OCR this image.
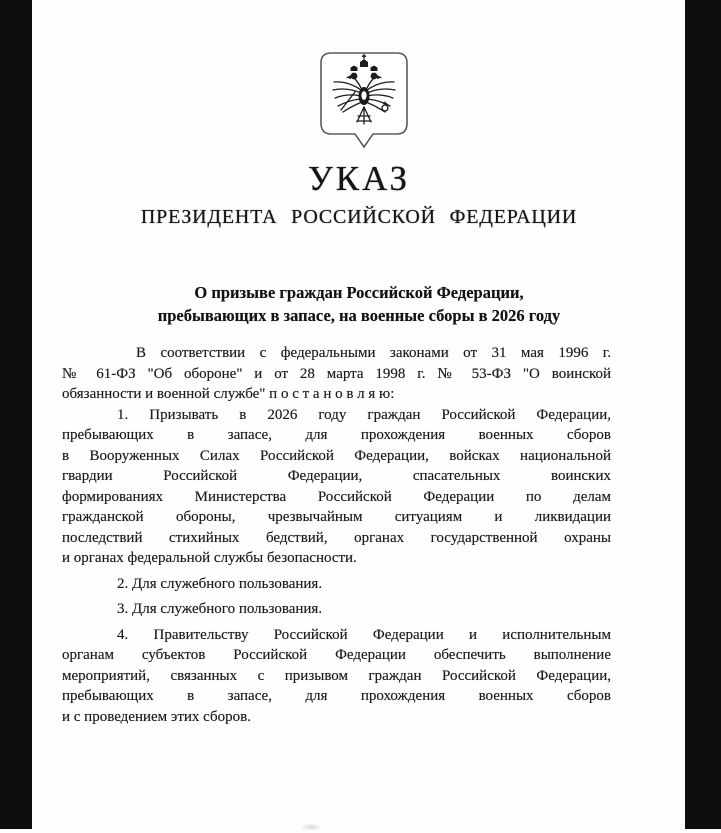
УКАЗ
ПРЕЗИДЕНТА РОССИЙСКОЙ ФЕДЕРАЦИИ
О призыве граждан Российской Федерации,
пребывающих в запасе, на военные сборы в 2026 году
В соответствии с федеральными законами от 31 мая 1996 г.
№ 61-ФЗ "Об обороне" и от 28 марта 1998 г. № 53-ФЗ "О воинской
обязанности и военной службе" п о с т а н о в л я ю:
1. Призывать в 2026 году граждан Российской Федерации,
пребывающих в запасе, для прохождения военных сборов
в Вооруженных Силах Российской Федерации, войсках национальной
гвардии Российской Федерации, спасательных воинских
формированиях Министерства Российской Федерации по делам
гражданской обороны, чрезвычайным ситуациям и ликвидации
последствий стихийных бедствий, органах государственной охраны
и органах федеральной службы безопасности.
2. Для служебного пользования.
3. Для служебного пользования.
4. Правительству Российской Федерации и исполнительным
органам субъектов Российской Федерации обеспечить выполнение
мероприятий, связанных с призывом граждан Российской Федерации,
пребывающих в запасе, для прохождения военных сборов
и с проведением этих сборов.
